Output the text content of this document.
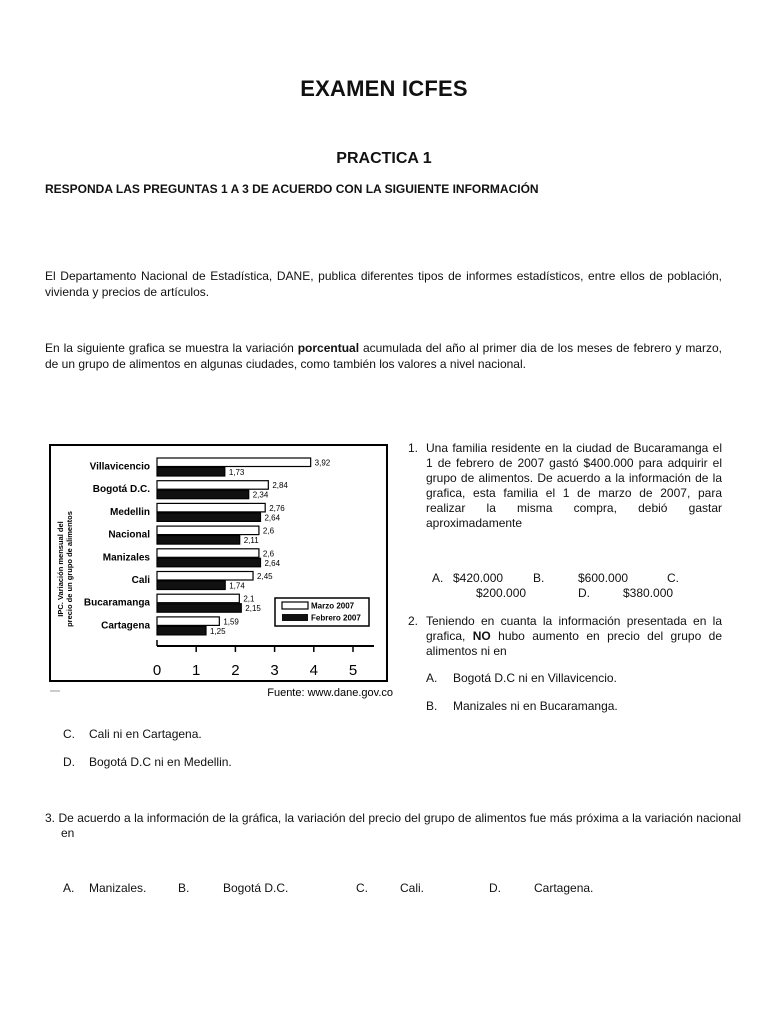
EXAMEN ICFES
PRACTICA 1
RESPONDA LAS PREGUNTAS 1 A 3 DE ACUERDO CON LA SIGUIENTE INFORMACIÓN
El Departamento Nacional de Estadística, DANE, publica diferentes tipos de informes estadísticos, entre ellos de población, vivienda y precios de artículos.
En la siguiente grafica se muestra la variación porcentual acumulada del año al primer dia de los meses de febrero y marzo, de un grupo de alimentos en algunas ciudades, como también los valores a nivel nacional.
IPC. Variación mensual delprecio de un grupo de alimentos
Villavicencio
Bogotá D.C.
Medellin
Nacional
Manizales
Cali
Bucaramanga
Cartagena
3,92
1,73
2,84
2,34
2,76
2,64
2,6
2,11
2,6
2,64
2,45
1,74
2,1
2,15
1,59
1,25
0 1 2 3 4 5
Marzo 2007
Febrero 2007
Fuente: www.dane.gov.co
1. Una familia residente en la ciudad de Bucaramanga el 1 de febrero de 2007 gastó $400.000 para adquirir el grupo de alimentos. De acuerdo a la información de la grafica, esta familia el 1 de marzo de 2007, para realizar la misma compra, debió gastar aproximadamente
A. $420.000 B.	$600.000	C.
$200.000	D.	$380.000
2. Teniendo en cuanta la información presentada en la grafica, NO hubo aumento en precio del grupo de alimentos ni en
A. Bogotá D.C ni en Villavicencio.
B. Manizales ni en Bucaramanga.
C. Cali ni en Cartagena.
D. Bogotá D.C ni en Medellin.
3. De acuerdo a la información de la gráfica, la variación del precio del grupo de alimentos fue más próxima a la variación nacional en
A. Manizales.	B.	Bogotá D.C.	C.	Cali.	D.	Cartagena.
